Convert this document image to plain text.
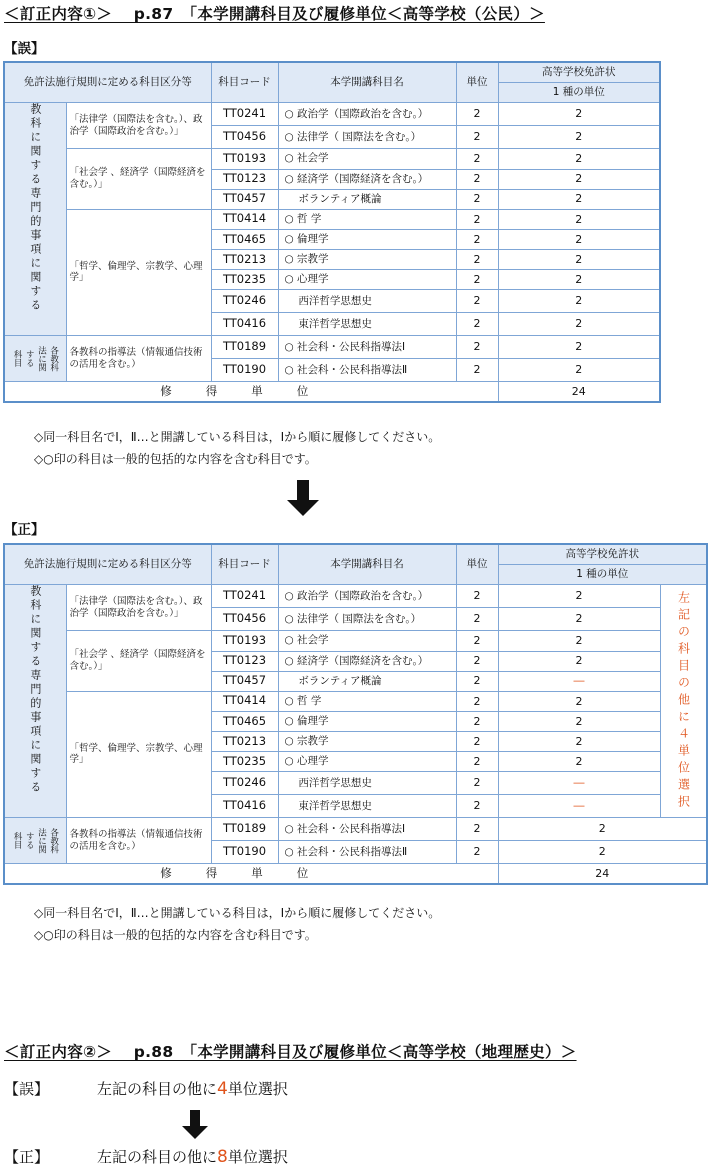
＜訂正内容①＞　 p.87　「本学開講科目及び履修単位＜高等学校（公民）＞
【誤】
免許法施行規則に定める科目区分等		科目コード	本学開講科目名	単位	高等学校免許状
					1 種の単位

教科に関する専門的事項に関する	「法律学（国際法を含む。）、政治学（国際政治を含む。）」	TT0241	○ 政治学（国際政治を含む。）	2	2
		TT0456	○ 法律学（ 国際法を含む。）	2	2
	「社会学 、経済学（国際経済を含む。）」	TT0193	○ 社会学	2	2
		TT0123	○ 経済学（国際経済を含む。）	2	2
		TT0457	　 ボランティア概論	2	2
	「哲学、倫理学、宗教学、心理学」	TT0414	○ 哲 学	2	2
		TT0465	○ 倫理学	2	2
		TT0213	○ 宗教学	2	2
		TT0235	○ 心理学	2	2
		TT0246	　 西洋哲学思想史	2	2
		TT0416	　 東洋哲学思想史	2	2

各教科
法に関
する
科目	各教科の指導法（情報通信技術の活用を含む。）	TT0189	○ 社会科・公民科指導法Ⅰ	2	2
		TT0190	○ 社会科・公民科指導法Ⅱ	2	2
修得単位					24
◇同一科目名でⅠ，Ⅱ…と開講している科目は，Ⅰから順に履修してください。
◇○印の科目は一般的包括的な内容を含む科目です。
【正】
免許法施行規則に定める科目区分等		科目コード	本学開講科目名	単位	高等学校免許状	
					1 種の単位	

教科に関する専門的事項に関する	「法律学（国際法を含む。）、政治学（国際政治を含む。）」	TT0241	○ 政治学（国際政治を含む。）	2	2	左記の科目の他に４単位選択

		TT0456	○ 法律学（ 国際法を含む。）	2	2	
	「社会学 、経済学（国際経済を含む。）」	TT0193	○ 社会学	2	2	
		TT0123	○ 経済学（国際経済を含む。）	2	2	
		TT0457	　 ボランティア概論	2	―	
	「哲学、倫理学、宗教学、心理学」	TT0414	○ 哲 学	2	2	
		TT0465	○ 倫理学	2	2	
		TT0213	○ 宗教学	2	2	
		TT0235	○ 心理学	2	2	
		TT0246	　 西洋哲学思想史	2	―	
		TT0416	　 東洋哲学思想史	2	―	

各教科
法に関
する
科目	各教科の指導法（情報通信技術の活用を含む。）	TT0189	○ 社会科・公民科指導法Ⅰ	2	2	
		TT0190	○ 社会科・公民科指導法Ⅱ	2	2	
修得単位					24	
◇同一科目名でⅠ，Ⅱ…と開講している科目は，Ⅰから順に履修してください。
◇○印の科目は一般的包括的な内容を含む科目です。
＜訂正内容②＞　 p.88　「本学開講科目及び履修単位＜高等学校（地理歴史）＞
【誤】	左記の科目の他に4単位選択
【正】	左記の科目の他に8単位選択
